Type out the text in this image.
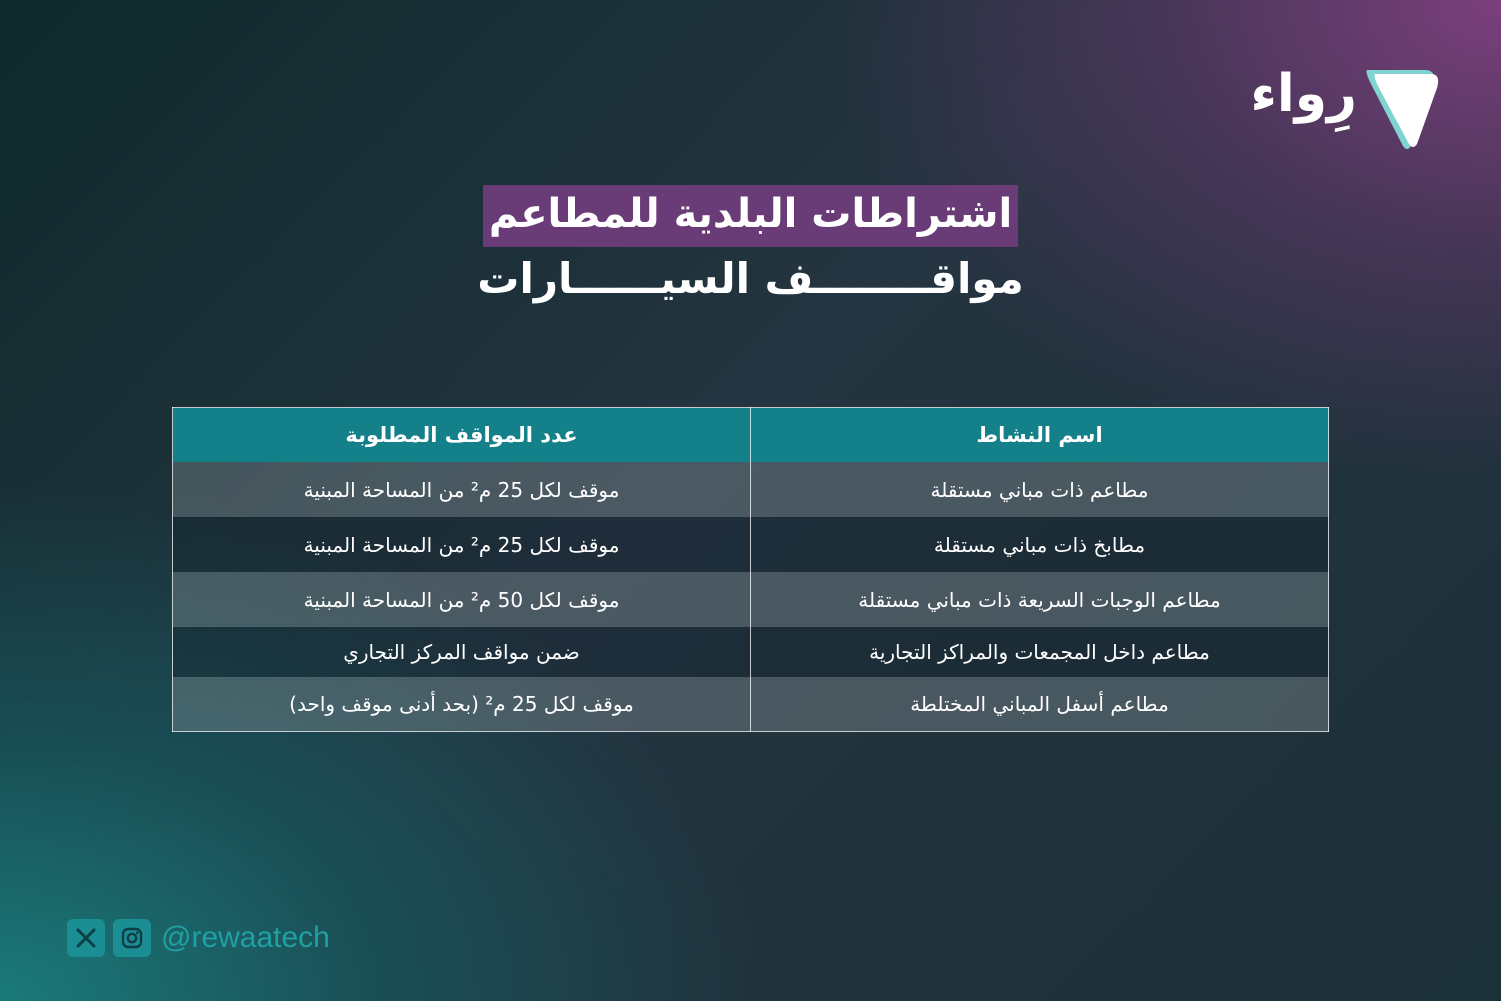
رِواء
اشتراطات البلدية للمطاعم
مواقــــــــف السيــــــارات
اسم النشاط	عدد المواقف المطلوبة
مطاعم ذات مباني مستقلة	موقف لكل 25 م² من المساحة المبنية
مطابخ ذات مباني مستقلة	موقف لكل 25 م² من المساحة المبنية
مطاعم الوجبات السريعة ذات مباني مستقلة	موقف لكل 50 م² من المساحة المبنية
مطاعم داخل المجمعات والمراكز التجارية	ضمن مواقف المركز التجاري
مطاعم أسفل المباني المختلطة	موقف لكل 25 م² (بحد أدنى موقف واحد)
@rewaatech
